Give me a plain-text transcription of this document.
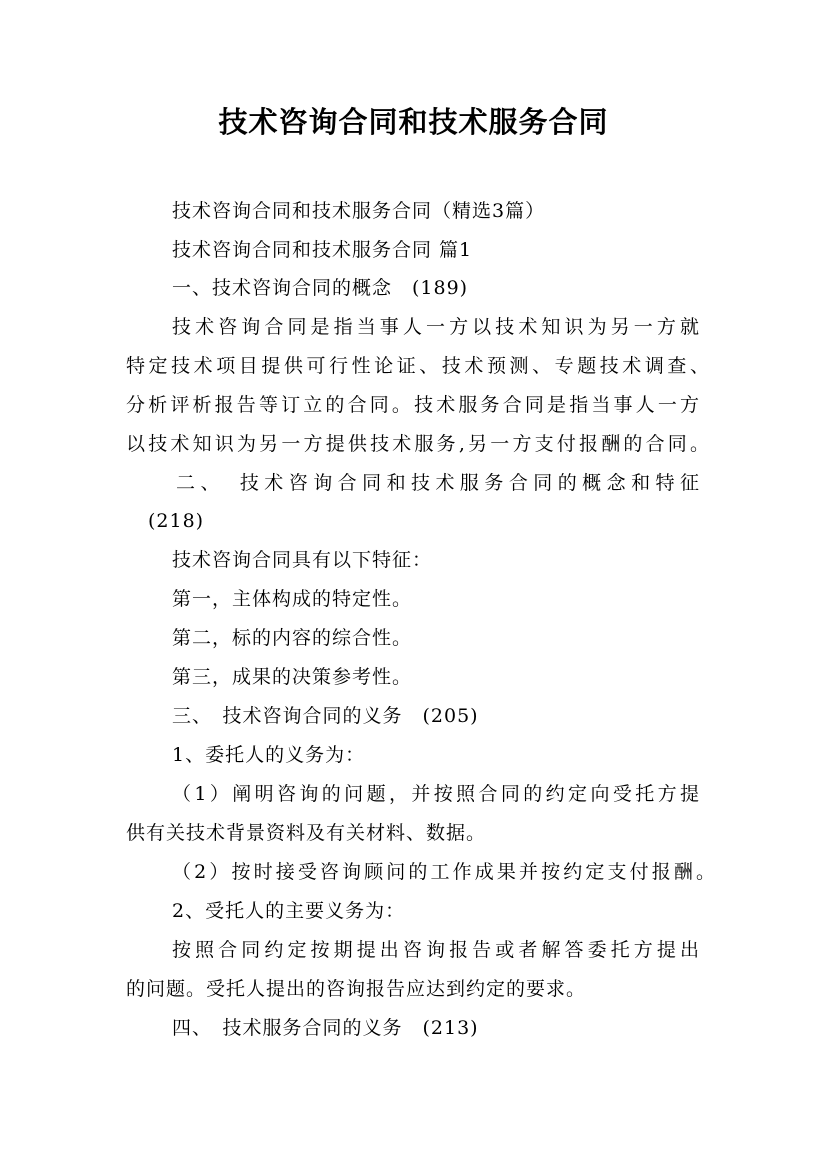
技术咨询合同和技术服务合同
技术咨询合同和技术服务合同（精选3篇）
技术咨询合同和技术服务合同 篇1
一、技术咨询合同的概念　(189)
技术咨询合同是指当事人一方以技术知识为另一方就
特定技术项目提供可行性论证、技术预测、专题技术调查、
分析评析报告等订立的合同。技术服务合同是指当事人一方
以技术知识为另一方提供技术服务,另一方支付报酬的合同。
二、　技术咨询合同和技术服务合同的概念和特征
(218)
技术咨询合同具有以下特征：
第一，主体构成的特定性。
第二，标的内容的综合性。
第三，成果的决策参考性。
三、　技术咨询合同的义务　(205)
1、委托人的义务为：
（1）阐明咨询的问题，并按照合同的约定向受托方提
供有关技术背景资料及有关材料、数据。
（2）按时接受咨询顾问的工作成果并按约定支付报酬。
2、受托人的主要义务为：
按照合同约定按期提出咨询报告或者解答委托方提出
的问题。受托人提出的咨询报告应达到约定的要求。
四、　技术服务合同的义务　(213)
